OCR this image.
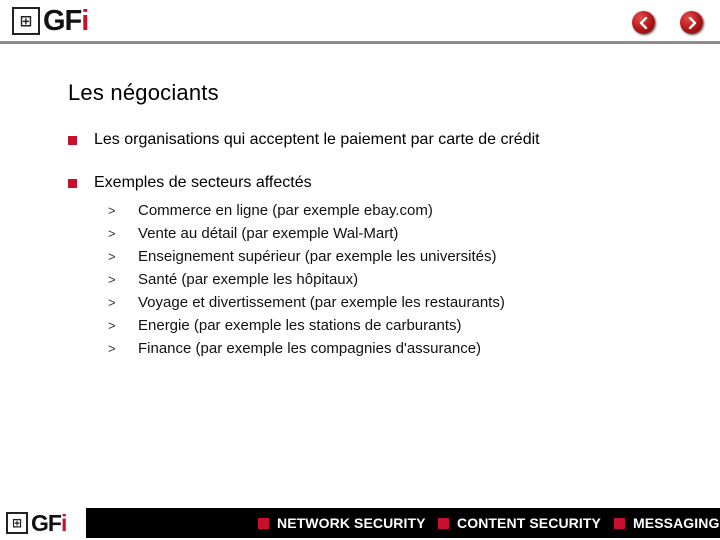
⊞ GFi
Les négociants
Les organisations qui acceptent le paiement par carte de crédit
Exemples de secteurs affectés
>	Commerce en ligne (par exemple ebay.com)
>	Vente au détail (par exemple Wal-Mart)
>	Enseignement supérieur (par exemple les universités)
>	Santé (par exemple les hôpitaux)
>	Voyage et divertissement (par exemple les restaurants)
>	Energie (par exemple les stations de carburants)
>	Finance (par exemple les compagnies d'assurance)
⊞ GFi	NETWORK SECURITY CONTENT SECURITY MESSAGING
